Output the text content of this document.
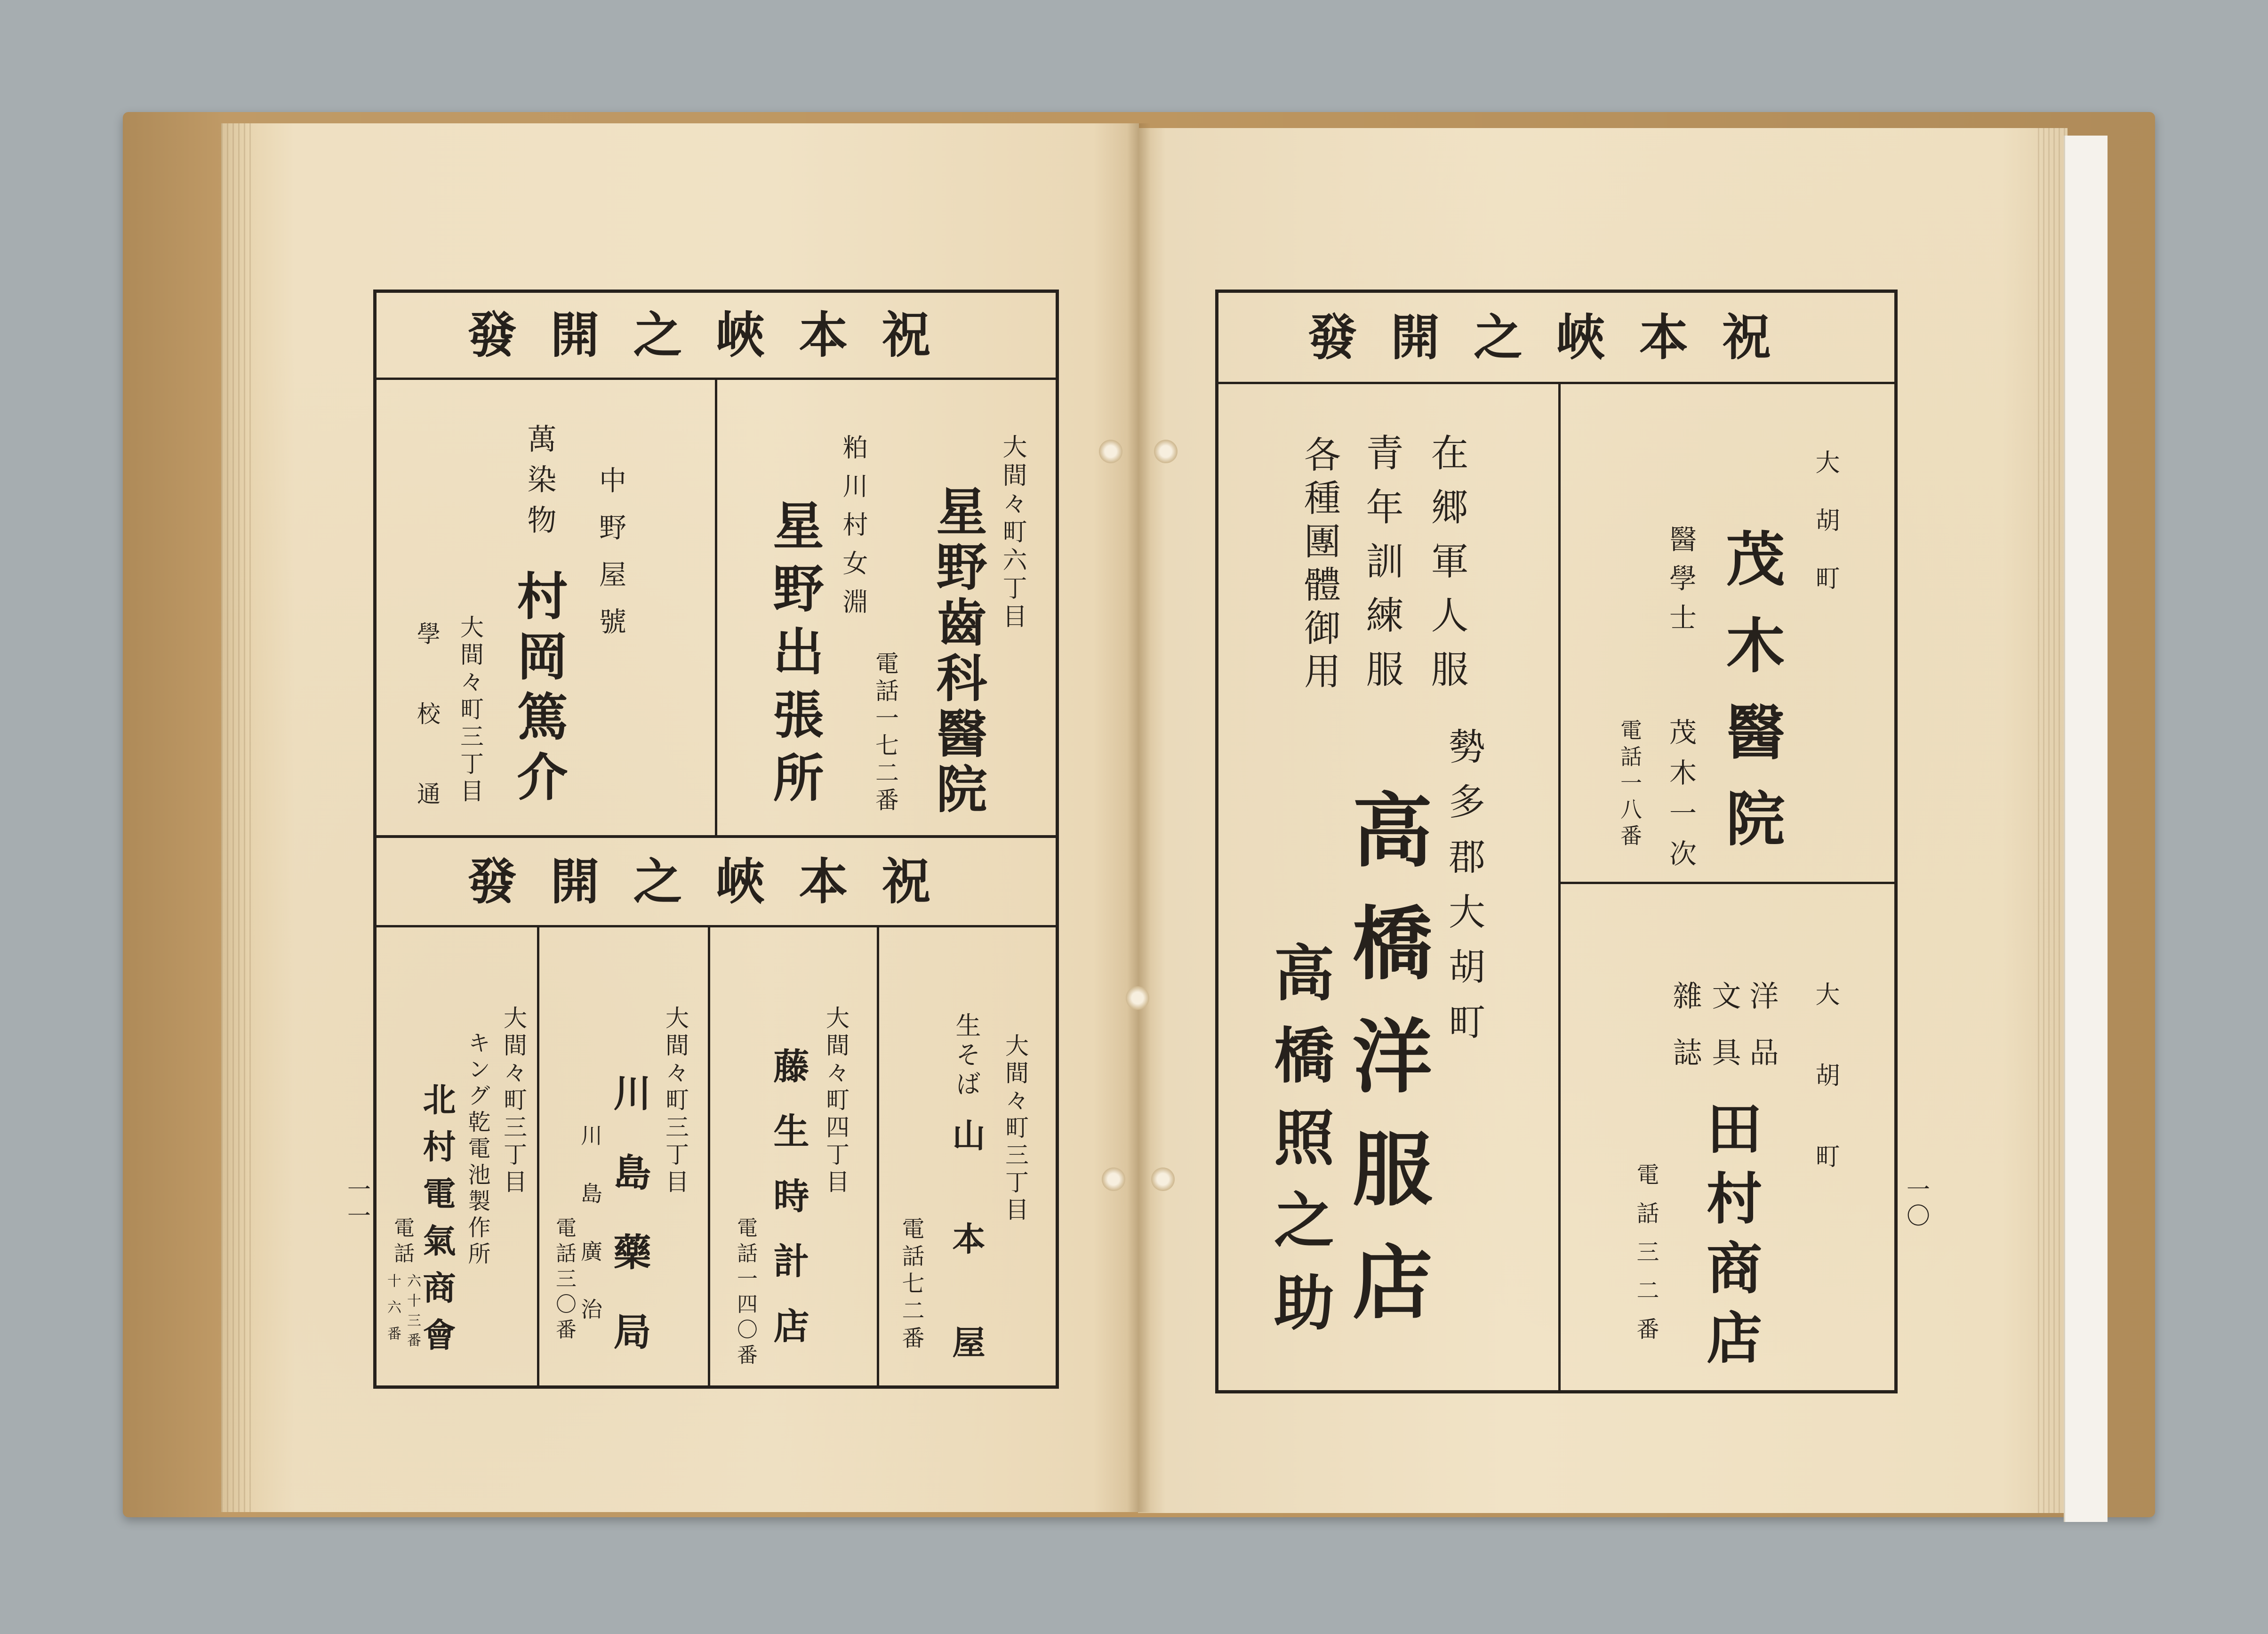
祝本峽之開發
大間々町六丁目
星野齒科醫院
電話一七二番
粕川村女淵
星野出張所
中野屋號
萬染物
村岡篤介
大間々町三丁目
學校通
祝本峽之開發
大間々町三丁目
生そば
山本屋
電話七二番
大間々町四丁目
藤生時計店
電話一四〇番
大間々町三丁目
川島藥局
川島廣治
電話三〇番
大間々町三丁目
キング乾電池製作所
北村電氣商會
電話
六十三番
十六番
一一
祝本峽之開發
大胡町
茂木醫院
醫學士
茂木一次
電話一八番
大胡町
洋品
文具
雜誌
田村商店
電話三二番
在郷軍人服
青年訓練服
各種團體御用
勢多郡大胡町
高橋洋服店
高橋照之助	一〇
